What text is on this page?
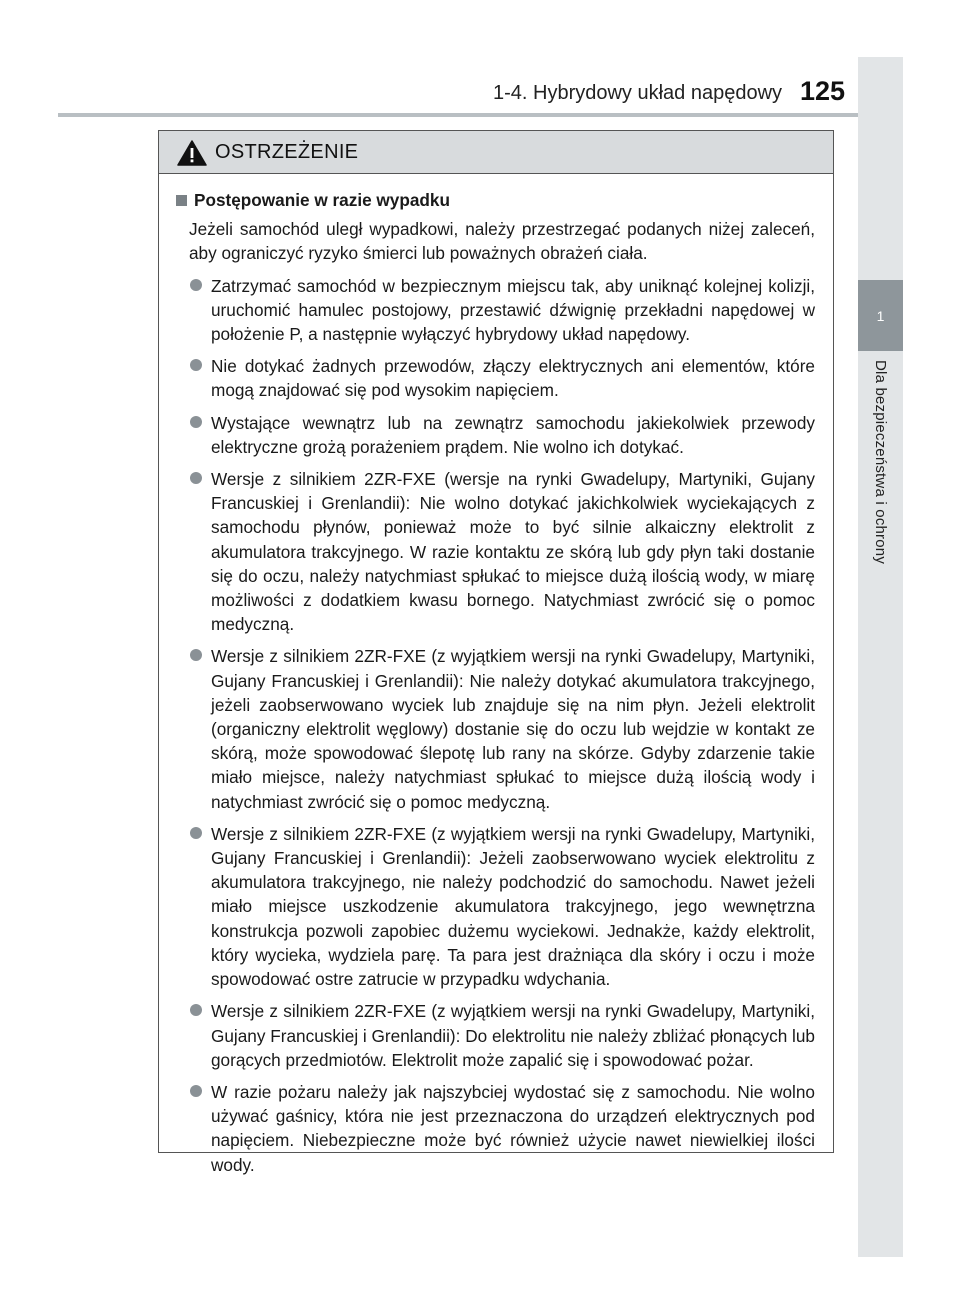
1
Dla bezpieczeństwa i ochrony
1-4. Hybrydowy układ napędowy 125
OSTRZEŻENIE
Postępowanie w razie wypadku

Jeżeli samochód uległ wypadkowi, należy przestrzegać podanych niżej zaleceń, aby ograniczyć ryzyko śmierci lub poważnych obrażeń ciała.

Zatrzymać samochód w bezpiecznym miejscu tak, aby uniknąć kolejnej kolizji, uruchomić hamulec postojowy, przestawić dźwignię przekładni napędowej w położenie P, a następnie wyłączyć hybrydowy układ napędowy.
Nie dotykać żadnych przewodów, złączy elektrycznych ani elementów, które mogą znajdować się pod wysokim napięciem.
Wystające wewnątrz lub na zewnątrz samochodu jakiekolwiek przewody elektryczne grożą porażeniem prądem. Nie wolno ich dotykać.
Wersje z silnikiem 2ZR-FXE (wersje na rynki Gwadelupy, Martyniki, Gujany Francuskiej i Grenlandii): Nie wolno dotykać jakichkolwiek wyciekających z samochodu płynów, ponieważ może to być silnie alkaiczny elektrolit z akumulatora trakcyjnego. W razie kontaktu ze skórą lub gdy płyn taki dostanie się do oczu, należy natychmiast spłukać to miejsce dużą ilością wody, w miarę możliwości z dodatkiem kwasu bornego. Natychmiast zwrócić się o pomoc medyczną.
Wersje z silnikiem 2ZR-FXE (z wyjątkiem wersji na rynki Gwadelupy, Martyniki, Gujany Francuskiej i Grenlandii): Nie należy dotykać akumulatora trakcyjnego, jeżeli zaobserwowano wyciek lub znajduje się na nim płyn. Jeżeli elektrolit (organiczny elektrolit węglowy) dostanie się do oczu lub wejdzie w kontakt ze skórą, może spowodować ślepotę lub rany na skórze. Gdyby zdarzenie takie miało miejsce, należy natychmiast spłukać to miejsce dużą ilością wody i natychmiast zwrócić się o pomoc medyczną.
Wersje z silnikiem 2ZR-FXE (z wyjątkiem wersji na rynki Gwadelupy, Martyniki, Gujany Francuskiej i Grenlandii): Jeżeli zaobserwowano wyciek elektrolitu z akumulatora trakcyjnego, nie należy podchodzić do samochodu. Nawet jeżeli miało miejsce uszkodzenie akumulatora trakcyjnego, jego wewnętrzna konstrukcja pozwoli zapobiec dużemu wyciekowi. Jednakże, każdy elektrolit, który wycieka, wydziela parę. Ta para jest drażniąca dla skóry i oczu i może spowodować ostre zatrucie w przypadku wdychania.
Wersje z silnikiem 2ZR-FXE (z wyjątkiem wersji na rynki Gwadelupy, Martyniki, Gujany Francuskiej i Grenlandii): Do elektrolitu nie należy zbliżać płonących lub gorących przedmiotów. Elektrolit może zapalić się i spowodować pożar.
W razie pożaru należy jak najszybciej wydostać się z samochodu. Nie wolno używać gaśnicy, która nie jest przeznaczona do urządzeń elektrycznych pod napięciem. Niebezpieczne może być również użycie nawet niewielkiej ilości wody.
